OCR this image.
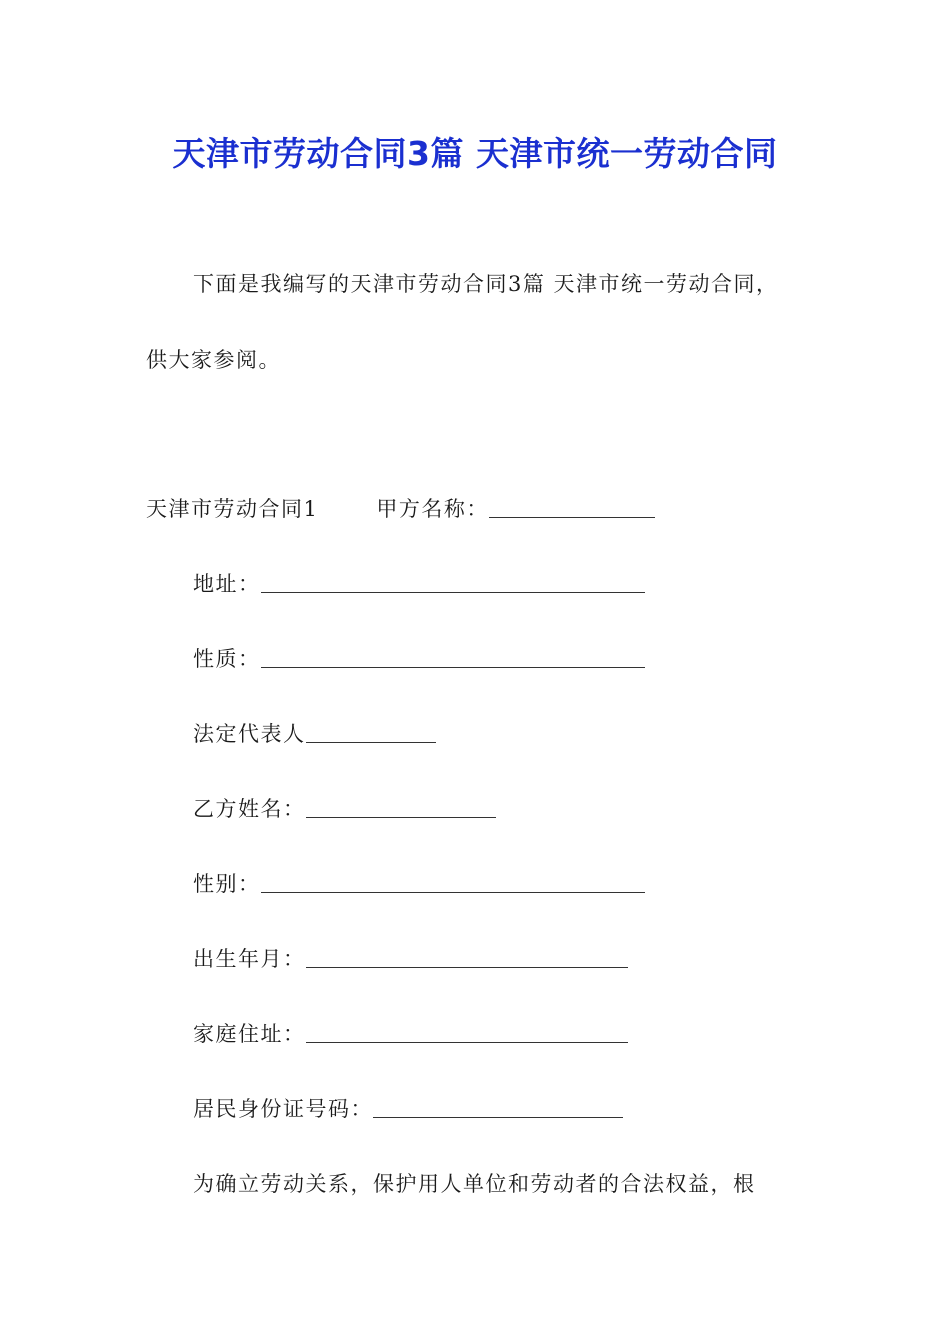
天津市劳动合同3篇 天津市统一劳动合同
下面是我编写的天津市劳动合同3篇 天津市统一劳动合同，
供大家参阅。
天津市劳动合同1	甲方名称：
地址：
性质：
法定代表人
乙方姓名：
性别：
出生年月：
家庭住址：
居民身份证号码：
为确立劳动关系，保护用人单位和劳动者的合法权益，根
